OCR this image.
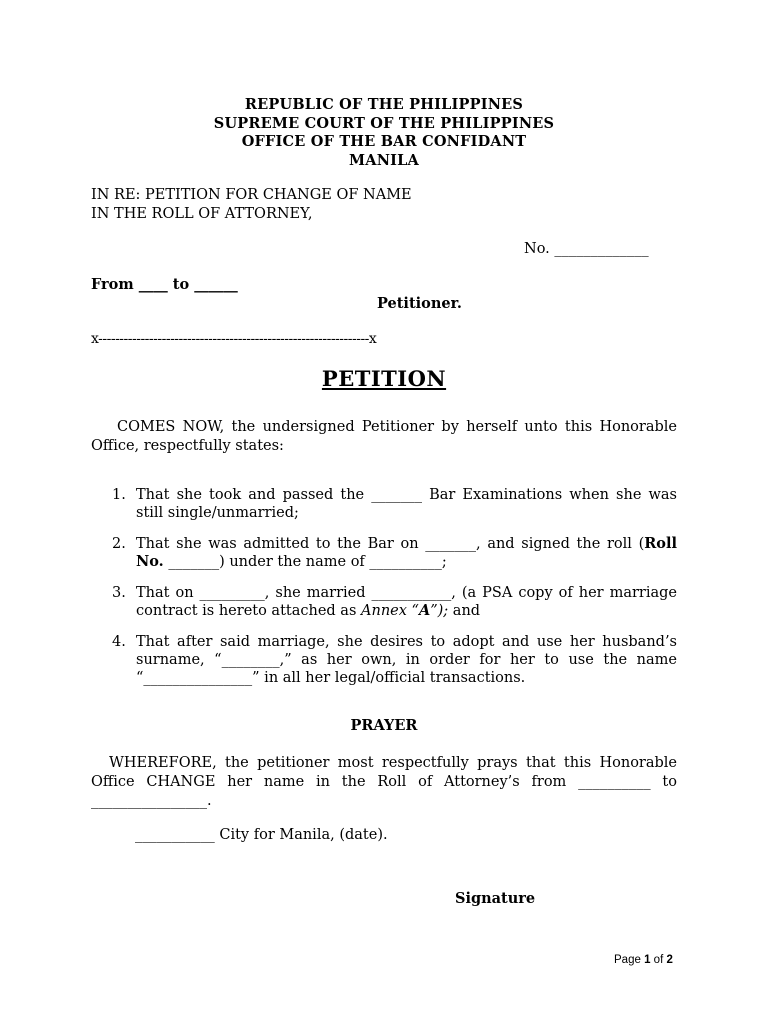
REPUBLIC OF THE PHILIPPINES
SUPREME COURT OF THE PHILIPPINES
OFFICE OF THE BAR CONFIDANT
MANILA
IN RE: PETITION FOR CHANGE OF NAME
IN THE ROLL OF ATTORNEY,
No. _____________
From ____ to ______
Petitioner.
x----------------------------------------------------------------x
PETITION
COMES NOW, the undersigned Petitioner by herself unto this Honorable Office, respectfully states:
1. That she took and passed the _______ Bar Examinations when she was still single/unmarried;
2. That she was admitted to the Bar on _______, and signed the roll (Roll No. _______) under the name of __________;
3. That on _________, she married ___________, (a PSA copy of her marriage contract is hereto attached as Annex “A”); and
4. That after said marriage, she desires to adopt and use her husband’s surname, “________,” as her own, in order for her to use the name “_______________” in all her legal/official transactions.
PRAYER
WHEREFORE, the petitioner most respectfully prays that this Honorable Office CHANGE her name in the Roll of Attorney’s from __________ to ________________.
___________ City for Manila, (date).
Signature
Page 1 of 2
